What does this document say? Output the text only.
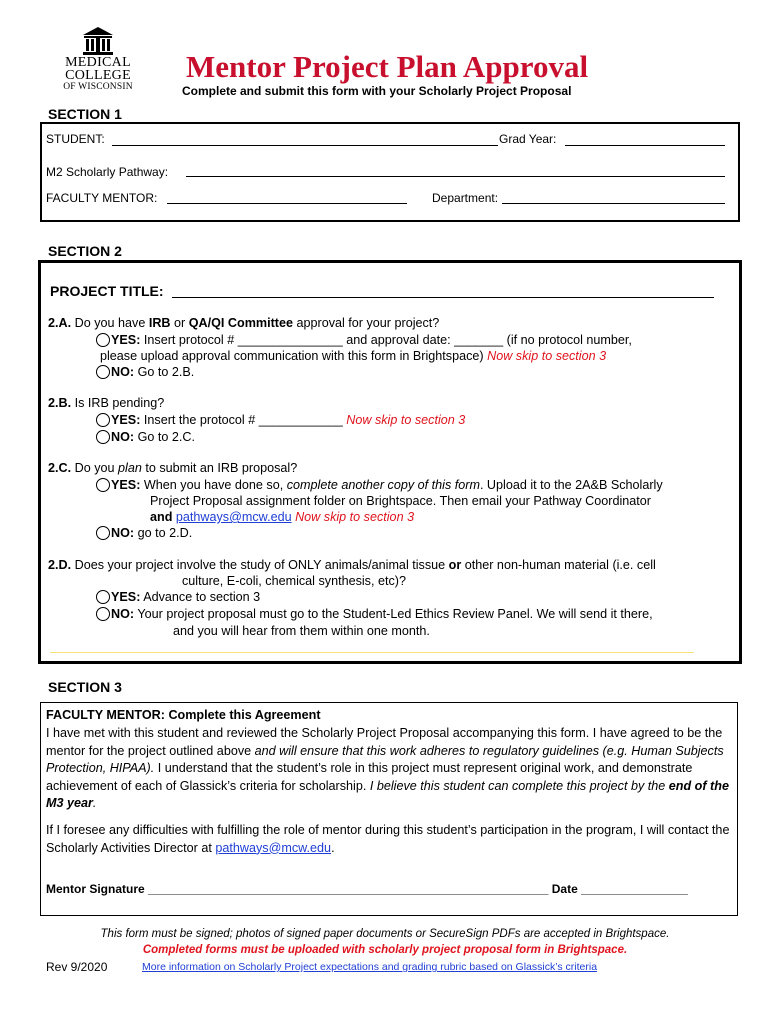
MEDICAL
COLLEGE
OF WISCONSIN
Mentor Project Plan Approval
Complete and submit this form with your Scholarly Project Proposal
SECTION 1
STUDENT:	Grad Year:
M2 Scholarly Pathway:
FACULTY MENTOR:	Department:
SECTION 2
PROJECT TITLE:
2.A. Do you have IRB or QA/QI Committee approval for your project?
YES: Insert protocol # _______________ and approval date: _______ (if no protocol number,
please upload approval communication with this form in Brightspace) Now skip to section 3
NO: Go to 2.B.
2.B. Is IRB pending?
YES: Insert the protocol # ____________ Now skip to section 3
NO: Go to 2.C.
2.C. Do you plan to submit an IRB proposal?
YES: When you have done so, complete another copy of this form. Upload it to the 2A&B Scholarly
Project Proposal assignment folder on Brightspace. Then email your Pathway Coordinator
and pathways@mcw.edu Now skip to section 3
NO: go to 2.D.
2.D. Does your project involve the study of ONLY animals/animal tissue or other non-human material (i.e. cell
culture, E-coli, chemical synthesis, etc)?
YES: Advance to section 3
NO: Your project proposal must go to the Student-Led Ethics Review Panel. We will send it there,
and you will hear from them within one month.
SECTION 3
FACULTY MENTOR: Complete this Agreement
I have met with this student and reviewed the Scholarly Project Proposal accompanying this form. I have agreed to be the mentor for the project outlined above and will ensure that this work adheres to regulatory guidelines (e.g. Human Subjects Protection, HIPAA). I understand that the student’s role in this project must represent original work, and demonstrate achievement of each of Glassick’s criteria for scholarship. I believe this student can complete this project by the end of the M3 year.
If I foresee any difficulties with fulfilling the role of mentor during this student’s participation in the program, I will contact the Scholarly Activities Director at pathways@mcw.edu.
Mentor Signature ____________________________________________________________ Date ________________
This form must be signed; photos of signed paper documents or SecureSign PDFs are accepted in Brightspace.
Completed forms must be uploaded with scholarly project proposal form in Brightspace.
Rev 9/2020	More information on Scholarly Project expectations and grading rubric based on Glassick’s criteria
